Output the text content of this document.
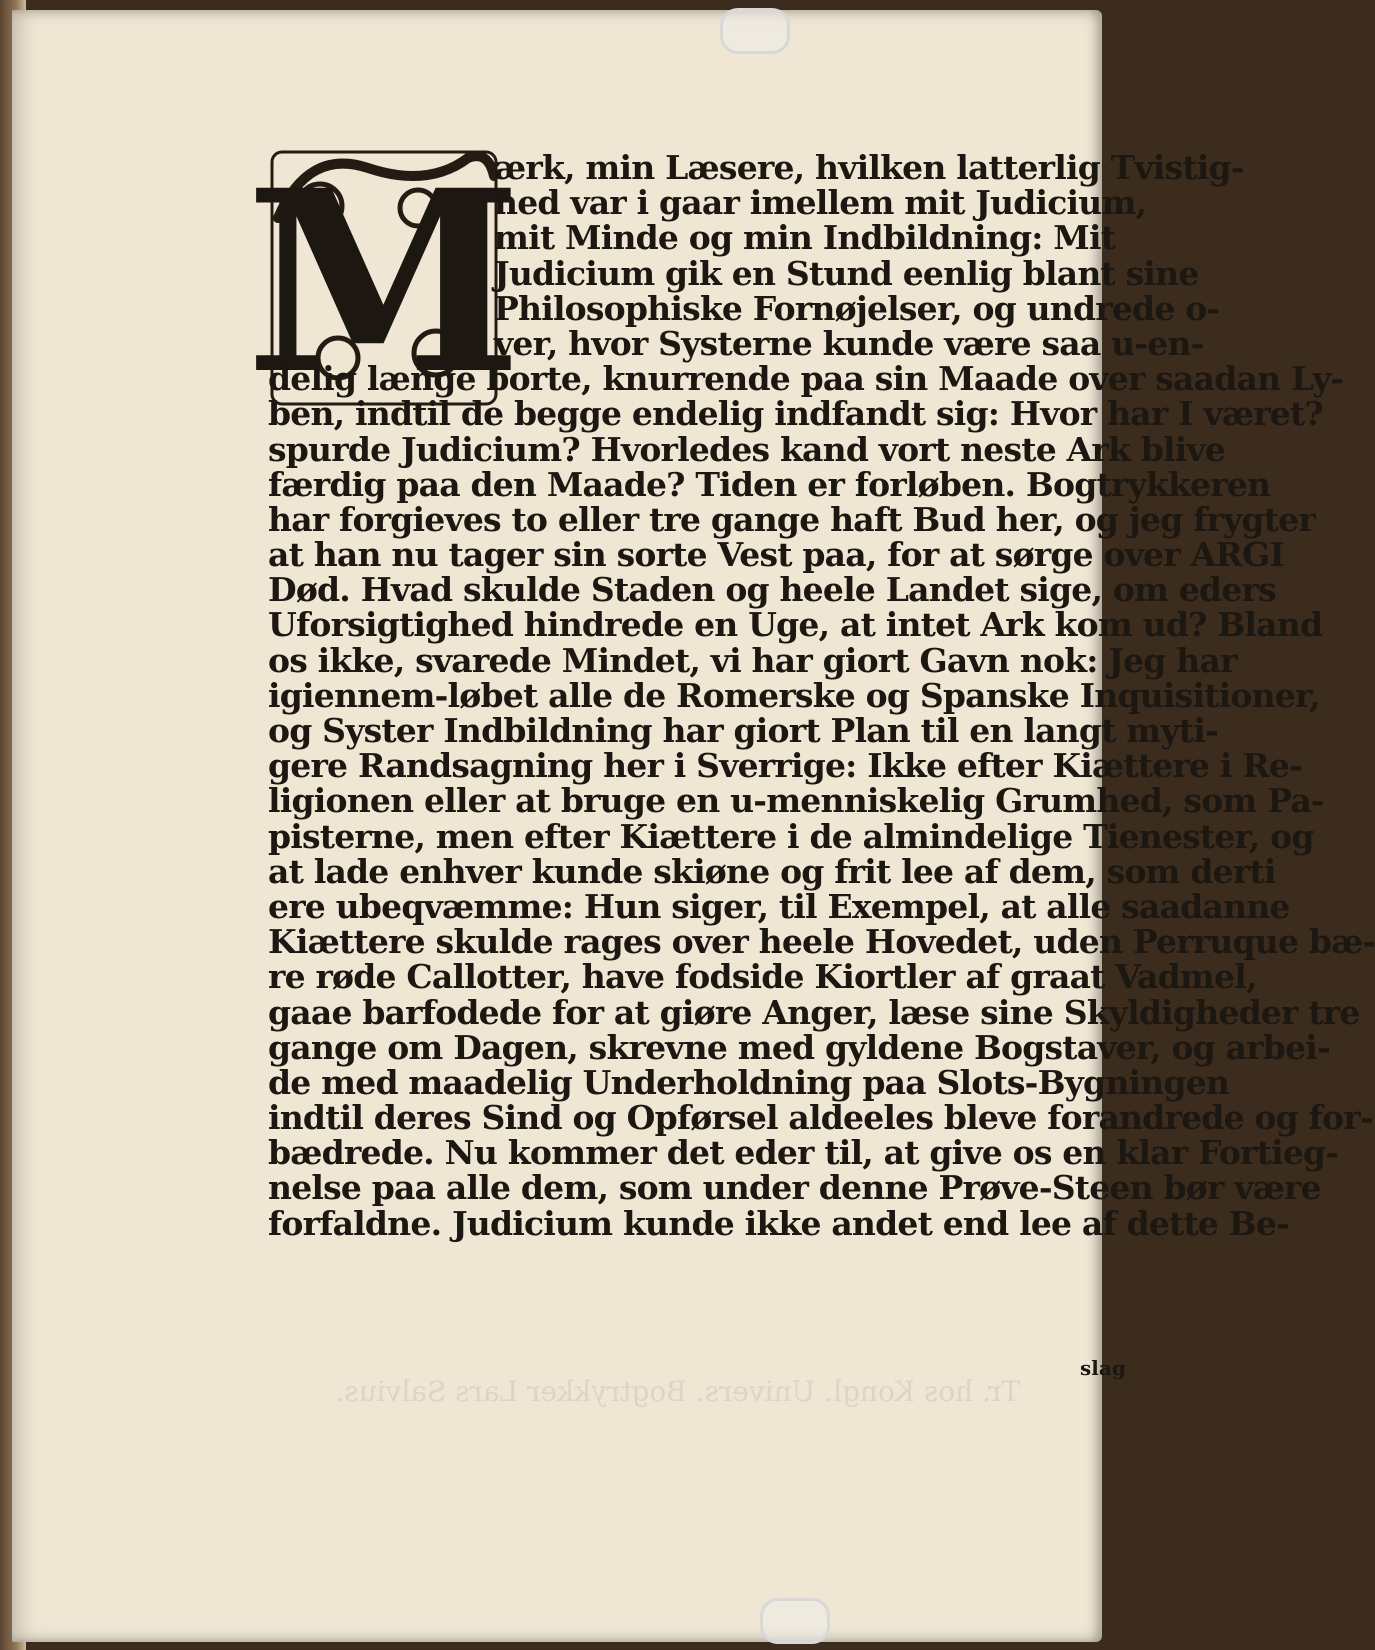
Tr. hos Kongl. Univers. Bogtrykker Lars Salvius.
M
ærk, min Læsere, hvilken latterlig Tvistig-
hed var i gaar imellem mit Judicium,
mit Minde og min Indbildning: Mit
Judicium gik en Stund eenlig blant sine
Philosophiske Fornøjelser, og undrede o-
ver, hvor Systerne kunde være saa u-en-
delig længe borte, knurrende paa sin Maade over saadan Ly-
ben, indtil de begge endelig indfandt sig: Hvor har I været?
spurde Judicium? Hvorledes kand vort neste Ark blive
færdig paa den Maade? Tiden er forløben. Bogtrykkeren
har forgieves to eller tre gange haft Bud her, og jeg frygter
at han nu tager sin sorte Vest paa, for at sørge over ARGI
Død. Hvad skulde Staden og heele Landet sige, om eders
Uforsigtighed hindrede en Uge, at intet Ark kom ud? Bland
os ikke, svarede Mindet, vi har giort Gavn nok: Jeg har
igiennem-løbet alle de Romerske og Spanske Inquisitioner,
og Syster Indbildning har giort Plan til en langt myti-
gere Randsagning her i Sverrige: Ikke efter Kiættere i Re-
ligionen eller at bruge en u-menniskelig Grumhed, som Pa-
pisterne, men efter Kiættere i de almindelige Tienester, og
at lade enhver kunde skiøne og frit lee af dem, som derti
ere ubeqvæmme: Hun siger, til Exempel, at alle saadanne
Kiættere skulde rages over heele Hovedet, uden Perruque bæ-
re røde Callotter, have fodside Kiortler af graat Vadmel,
gaae barfodede for at giøre Anger, læse sine Skyldigheder tre
gange om Dagen, skrevne med gyldene Bogstaver, og arbei-
de med maadelig Underholdning paa Slots-Bygningen
indtil deres Sind og Opførsel aldeeles bleve forandrede og for-
bædrede. Nu kommer det eder til, at give os en klar Fortieg-
nelse paa alle dem, som under denne Prøve-Steen bør være
forfaldne. Judicium kunde ikke andet end lee af dette Be-
slag
